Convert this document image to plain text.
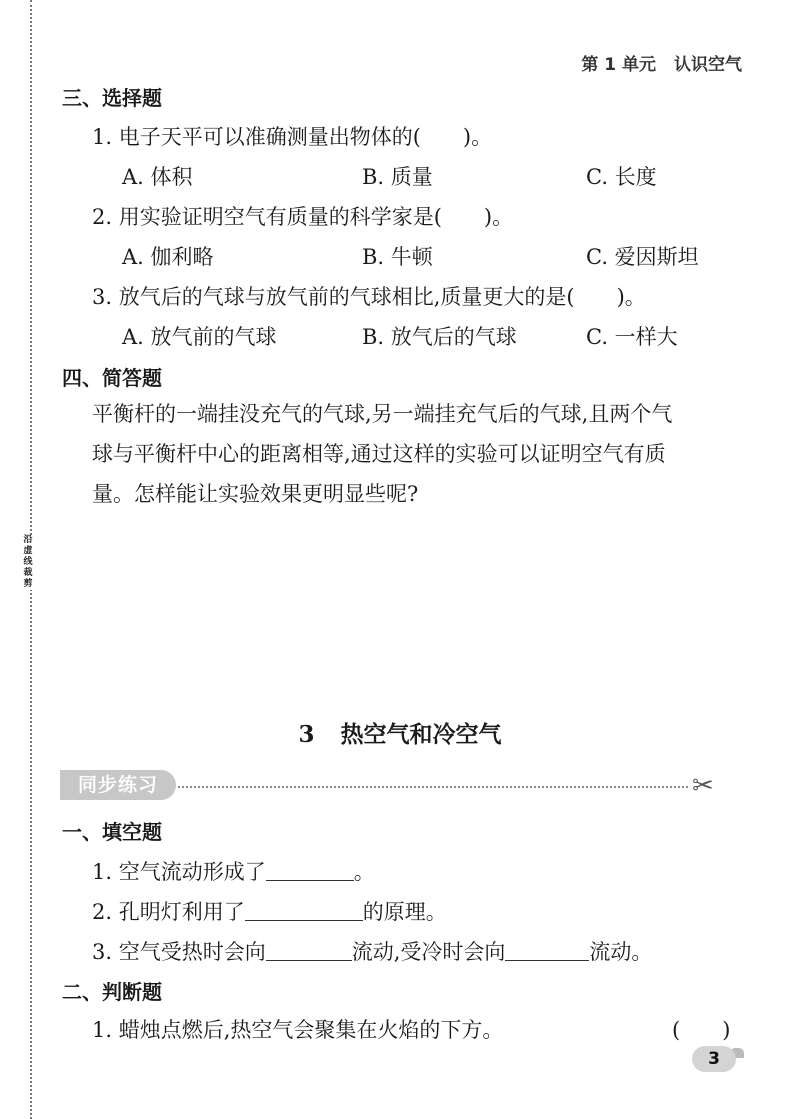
沿
虚
线
裁
剪
第 1 单元 认识空气
三、选择题
1. 电子天平可以准确测量出物体的(　　)。
A. 体积	B. 质量	C. 长度
2. 用实验证明空气有质量的科学家是(　　)。
A. 伽利略	B. 牛顿	C. 爱因斯坦
3. 放气后的气球与放气前的气球相比,质量更大的是(　　)。
A. 放气前的气球	B. 放气后的气球	C. 一样大
四、简答题
平衡杆的一端挂没充气的气球,另一端挂充气后的气球,且两个气
球与平衡杆中心的距离相等,通过这样的实验可以证明空气有质
量。怎样能让实验效果更明显些呢?
3 热空气和冷空气
同步练习	✂
一、填空题
1. 空气流动形成了	。
2. 孔明灯利用了	的原理。
3. 空气受热时会向	流动,受冷时会向	流动。
二、判断题
1. 蜡烛点燃后,热空气会聚集在火焰的下方。	(　　)
3
